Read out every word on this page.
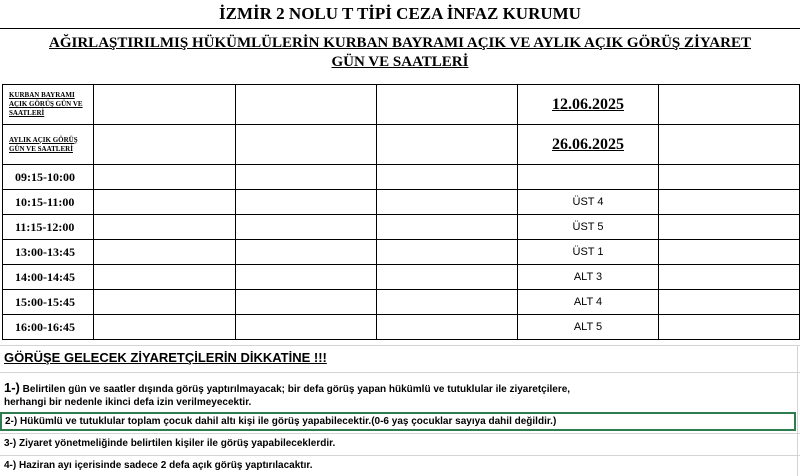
İZMİR 2 NOLU T TİPİ CEZA İNFAZ KURUMU
AĞIRLAŞTIRILMIŞ HÜKÜMLÜLERİN KURBAN BAYRAMI AÇIK VE AYLIK AÇIK GÖRÜŞ ZİYARET
GÜN VE SAATLERİ
KURBAN BAYRAMI AÇIK GÖRÜŞ GÜN VE SAATLERİ				12.06.2025	
AYLIK AÇIK GÖRÜŞ GÜN VE SAATLERİ				26.06.2025	
09:15-10:00					
10:15-11:00				ÜST 4	
11:15-12:00				ÜST 5	
13:00-13:45				ÜST 1	
14:00-14:45				ALT 3	
15:00-15:45				ALT 4	
16:00-16:45				ALT 5	
GÖRÜŞE GELECEK ZİYARETÇİLERİN DİKKATİNE !!!
1-) Belirtilen gün ve saatler dışında görüş yaptırılmayacak; bir defa görüş yapan hükümlü ve tutuklular ile ziyaretçilere,
herhangi bir nedenle ikinci defa izin verilmeyecektir.
2-) Hükümlü ve tutuklular toplam çocuk dahil altı kişi ile görüş yapabilecektir.(0-6 yaş çocuklar sayıya dahil değildir.)
3-) Ziyaret yönetmeliğinde belirtilen kişiler ile görüş yapabileceklerdir.
4-) Haziran ayı içerisinde sadece 2 defa açık görüş yaptırılacaktır.
